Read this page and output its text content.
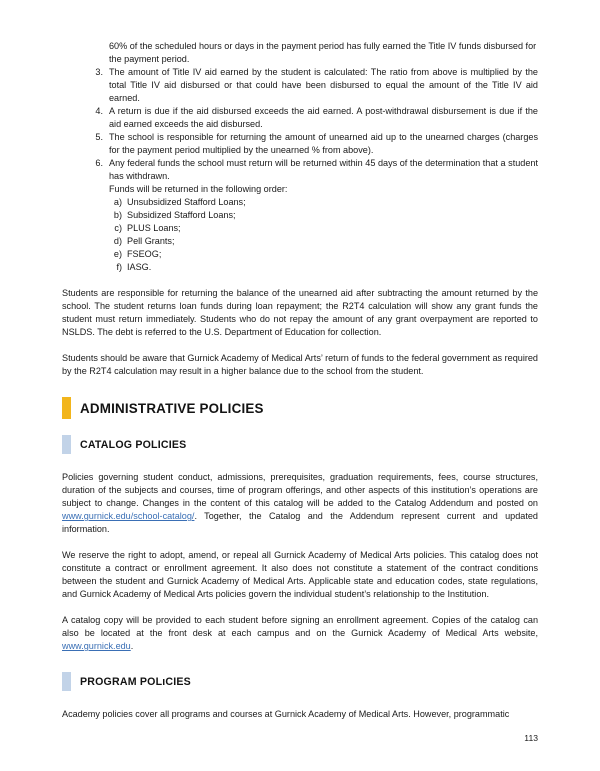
60% of the scheduled hours or days in the payment period has fully earned the Title IV funds disbursed for the payment period.

3. The amount of Title IV aid earned by the student is calculated: The ratio from above is multiplied by the total Title IV aid disbursed or that could have been disbursed to equal the amount of the Title IV aid earned.
4. A return is due if the aid disbursed exceeds the aid earned. A post-withdrawal disbursement is due if the aid earned exceeds the aid disbursed.
5. The school is responsible for returning the amount of unearned aid up to the unearned charges (charges for the payment period multiplied by the unearned % from above).
6. Any federal funds the school must return will be returned within 45 days of the determination that a student has withdrawn.
Funds will be returned in the following order:
a) Unsubsidized Stafford Loans;
b) Subsidized Stafford Loans;
c) PLUS Loans;
d) Pell Grants;
e) FSEOG;
f) IASG.

Students are responsible for returning the balance of the unearned aid after subtracting the amount returned by the school. The student returns loan funds during loan repayment; the R2T4 calculation will show any grant funds the student must return immediately. Students who do not repay the amount of any grant overpayment are reported to NSLDS. The debt is referred to the U.S. Department of Education for collection.

Students should be aware that Gurnick Academy of Medical Arts’ return of funds to the federal government as required by the R2T4 calculation may result in a higher balance due to the school from the student.

ADMINISTRATIVE POLICIES
CATALOG POLICIES

Policies governing student conduct, admissions, prerequisites, graduation requirements, fees, course structures, duration of the subjects and courses, time of program offerings, and other aspects of this institution’s operations are subject to change. Changes in the content of this catalog will be added to the Catalog Addendum and posted on www.gurnick.edu/school-catalog/. Together, the Catalog and the Addendum represent current and updated information.

We reserve the right to adopt, amend, or repeal all Gurnick Academy of Medical Arts policies. This catalog does not constitute a contract or enrollment agreement. It also does not constitute a statement of the contract conditions between the student and Gurnick Academy of Medical Arts. Applicable state and education codes, state regulations, and Gurnick Academy of Medical Arts policies govern the individual student’s relationship to the Institution.

A catalog copy will be provided to each student before signing an enrollment agreement. Copies of the catalog can also be located at the front desk at each campus and on the Gurnick Academy of Medical Arts website, www.gurnick.edu.

PROGRAM POLıCIES

Academy policies cover all programs and courses at Gurnick Academy of Medical Arts. However, programmatic

113
